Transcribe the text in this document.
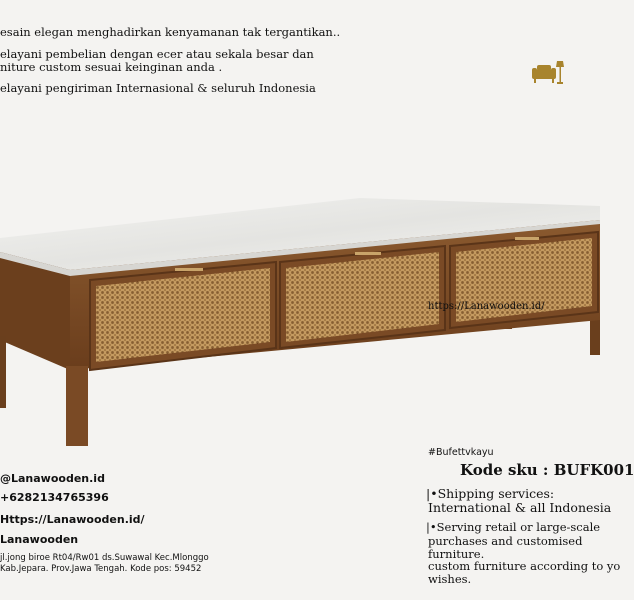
esain elegan menghadirkan kenyamanan tak tergantikan..
elayani pembelian dengan ecer atau sekala besar dan
niture custom sesuai keinginan anda .
elayani pengiriman Internasional & seluruh Indonesia
https://Lanawooden.id/
@Lanawooden.id
+6282134765396
Https://Lanawooden.id/
Lanawooden
jl.jong biroe Rt04/Rw01 ds.Suwawal Kec.Mlonggo
Kab.Jepara. Prov.Jawa Tengah. Kode pos: 59452
#Bufettvkayu
Kode sku : BUFK001
|•Shipping services:
International & all Indonesia
|•Serving retail or large-scale
purchases and customised
furniture.
custom furniture according to yo
wishes.
